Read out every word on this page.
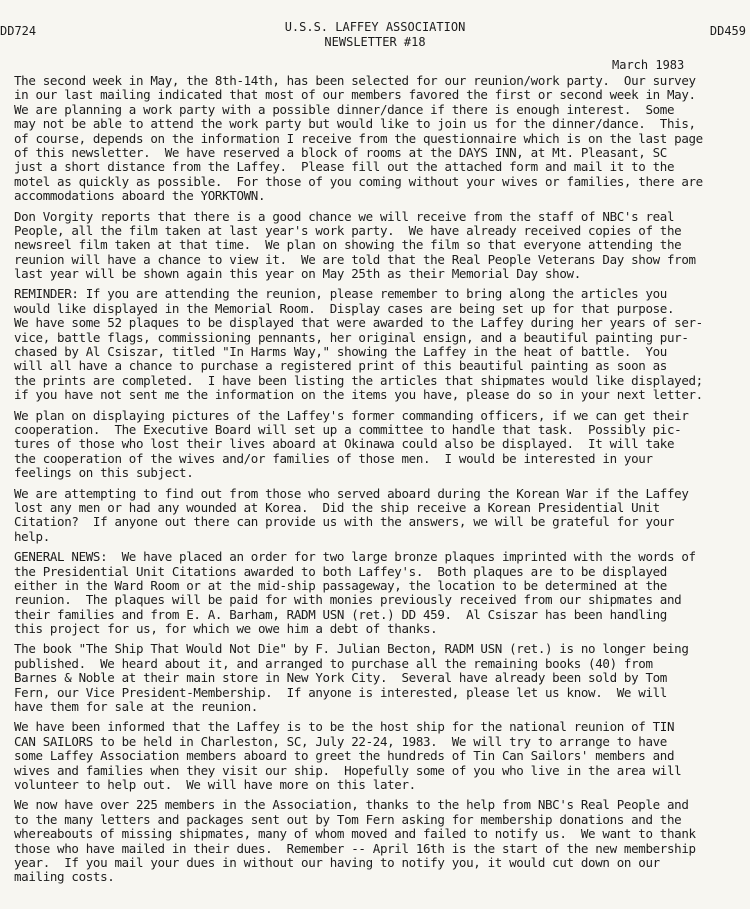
DD724	U.S.S. LAFFEY ASSOCIATION
NEWSLETTER #18
DD459
March 1983
The second week in May, the 8th-14th, has been selected for our reunion/work party.  Our survey
in our last mailing indicated that most of our members favored the first or second week in May.
We are planning a work party with a possible dinner/dance if there is enough interest.  Some
may not be able to attend the work party but would like to join us for the dinner/dance.  This,
of course, depends on the information I receive from the questionnaire which is on the last page
of this newsletter.  We have reserved a block of rooms at the DAYS INN, at Mt. Pleasant, SC
just a short distance from the Laffey.  Please fill out the attached form and mail it to the
motel as quickly as possible.  For those of you coming without your wives or families, there are
accommodations aboard the YORKTOWN.
Don Vorgity reports that there is a good chance we will receive from the staff of NBC's real
People, all the film taken at last year's work party.  We have already received copies of the
newsreel film taken at that time.  We plan on showing the film so that everyone attending the
reunion will have a chance to view it.  We are told that the Real People Veterans Day show from
last year will be shown again this year on May 25th as their Memorial Day show.
REMINDER: If you are attending the reunion, please remember to bring along the articles you
would like displayed in the Memorial Room.  Display cases are being set up for that purpose.
We have some 52 plaques to be displayed that were awarded to the Laffey during her years of ser-
vice, battle flags, commissioning pennants, her original ensign, and a beautiful painting pur-
chased by Al Csiszar, titled "In Harms Way," showing the Laffey in the heat of battle.  You
will all have a chance to purchase a registered print of this beautiful painting as soon as
the prints are completed.  I have been listing the articles that shipmates would like displayed;
if you have not sent me the information on the items you have, please do so in your next letter.
We plan on displaying pictures of the Laffey's former commanding officers, if we can get their
cooperation.  The Executive Board will set up a committee to handle that task.  Possibly pic-
tures of those who lost their lives aboard at Okinawa could also be displayed.  It will take
the cooperation of the wives and/or families of those men.  I would be interested in your
feelings on this subject.
We are attempting to find out from those who served aboard during the Korean War if the Laffey
lost any men or had any wounded at Korea.  Did the ship receive a Korean Presidential Unit
Citation?  If anyone out there can provide us with the answers, we will be grateful for your
help.
GENERAL NEWS:  We have placed an order for two large bronze plaques imprinted with the words of
the Presidential Unit Citations awarded to both Laffey's.  Both plaques are to be displayed
either in the Ward Room or at the mid-ship passageway, the location to be determined at the
reunion.  The plaques will be paid for with monies previously received from our shipmates and
their families and from E. A. Barham, RADM USN (ret.) DD 459.  Al Csiszar has been handling
this project for us, for which we owe him a debt of thanks.
The book "The Ship That Would Not Die" by F. Julian Becton, RADM USN (ret.) is no longer being
published.  We heard about it, and arranged to purchase all the remaining books (40) from
Barnes & Noble at their main store in New York City.  Several have already been sold by Tom
Fern, our Vice President-Membership.  If anyone is interested, please let us know.  We will
have them for sale at the reunion.
We have been informed that the Laffey is to be the host ship for the national reunion of TIN
CAN SAILORS to be held in Charleston, SC, July 22-24, 1983.  We will try to arrange to have
some Laffey Association members aboard to greet the hundreds of Tin Can Sailors' members and
wives and families when they visit our ship.  Hopefully some of you who live in the area will
volunteer to help out.  We will have more on this later.
We now have over 225 members in the Association, thanks to the help from NBC's Real People and
to the many letters and packages sent out by Tom Fern asking for membership donations and the
whereabouts of missing shipmates, many of whom moved and failed to notify us.  We want to thank
those who have mailed in their dues.  Remember -- April 16th is the start of the new membership
year.  If you mail your dues in without our having to notify you, it would cut down on our
mailing costs.
